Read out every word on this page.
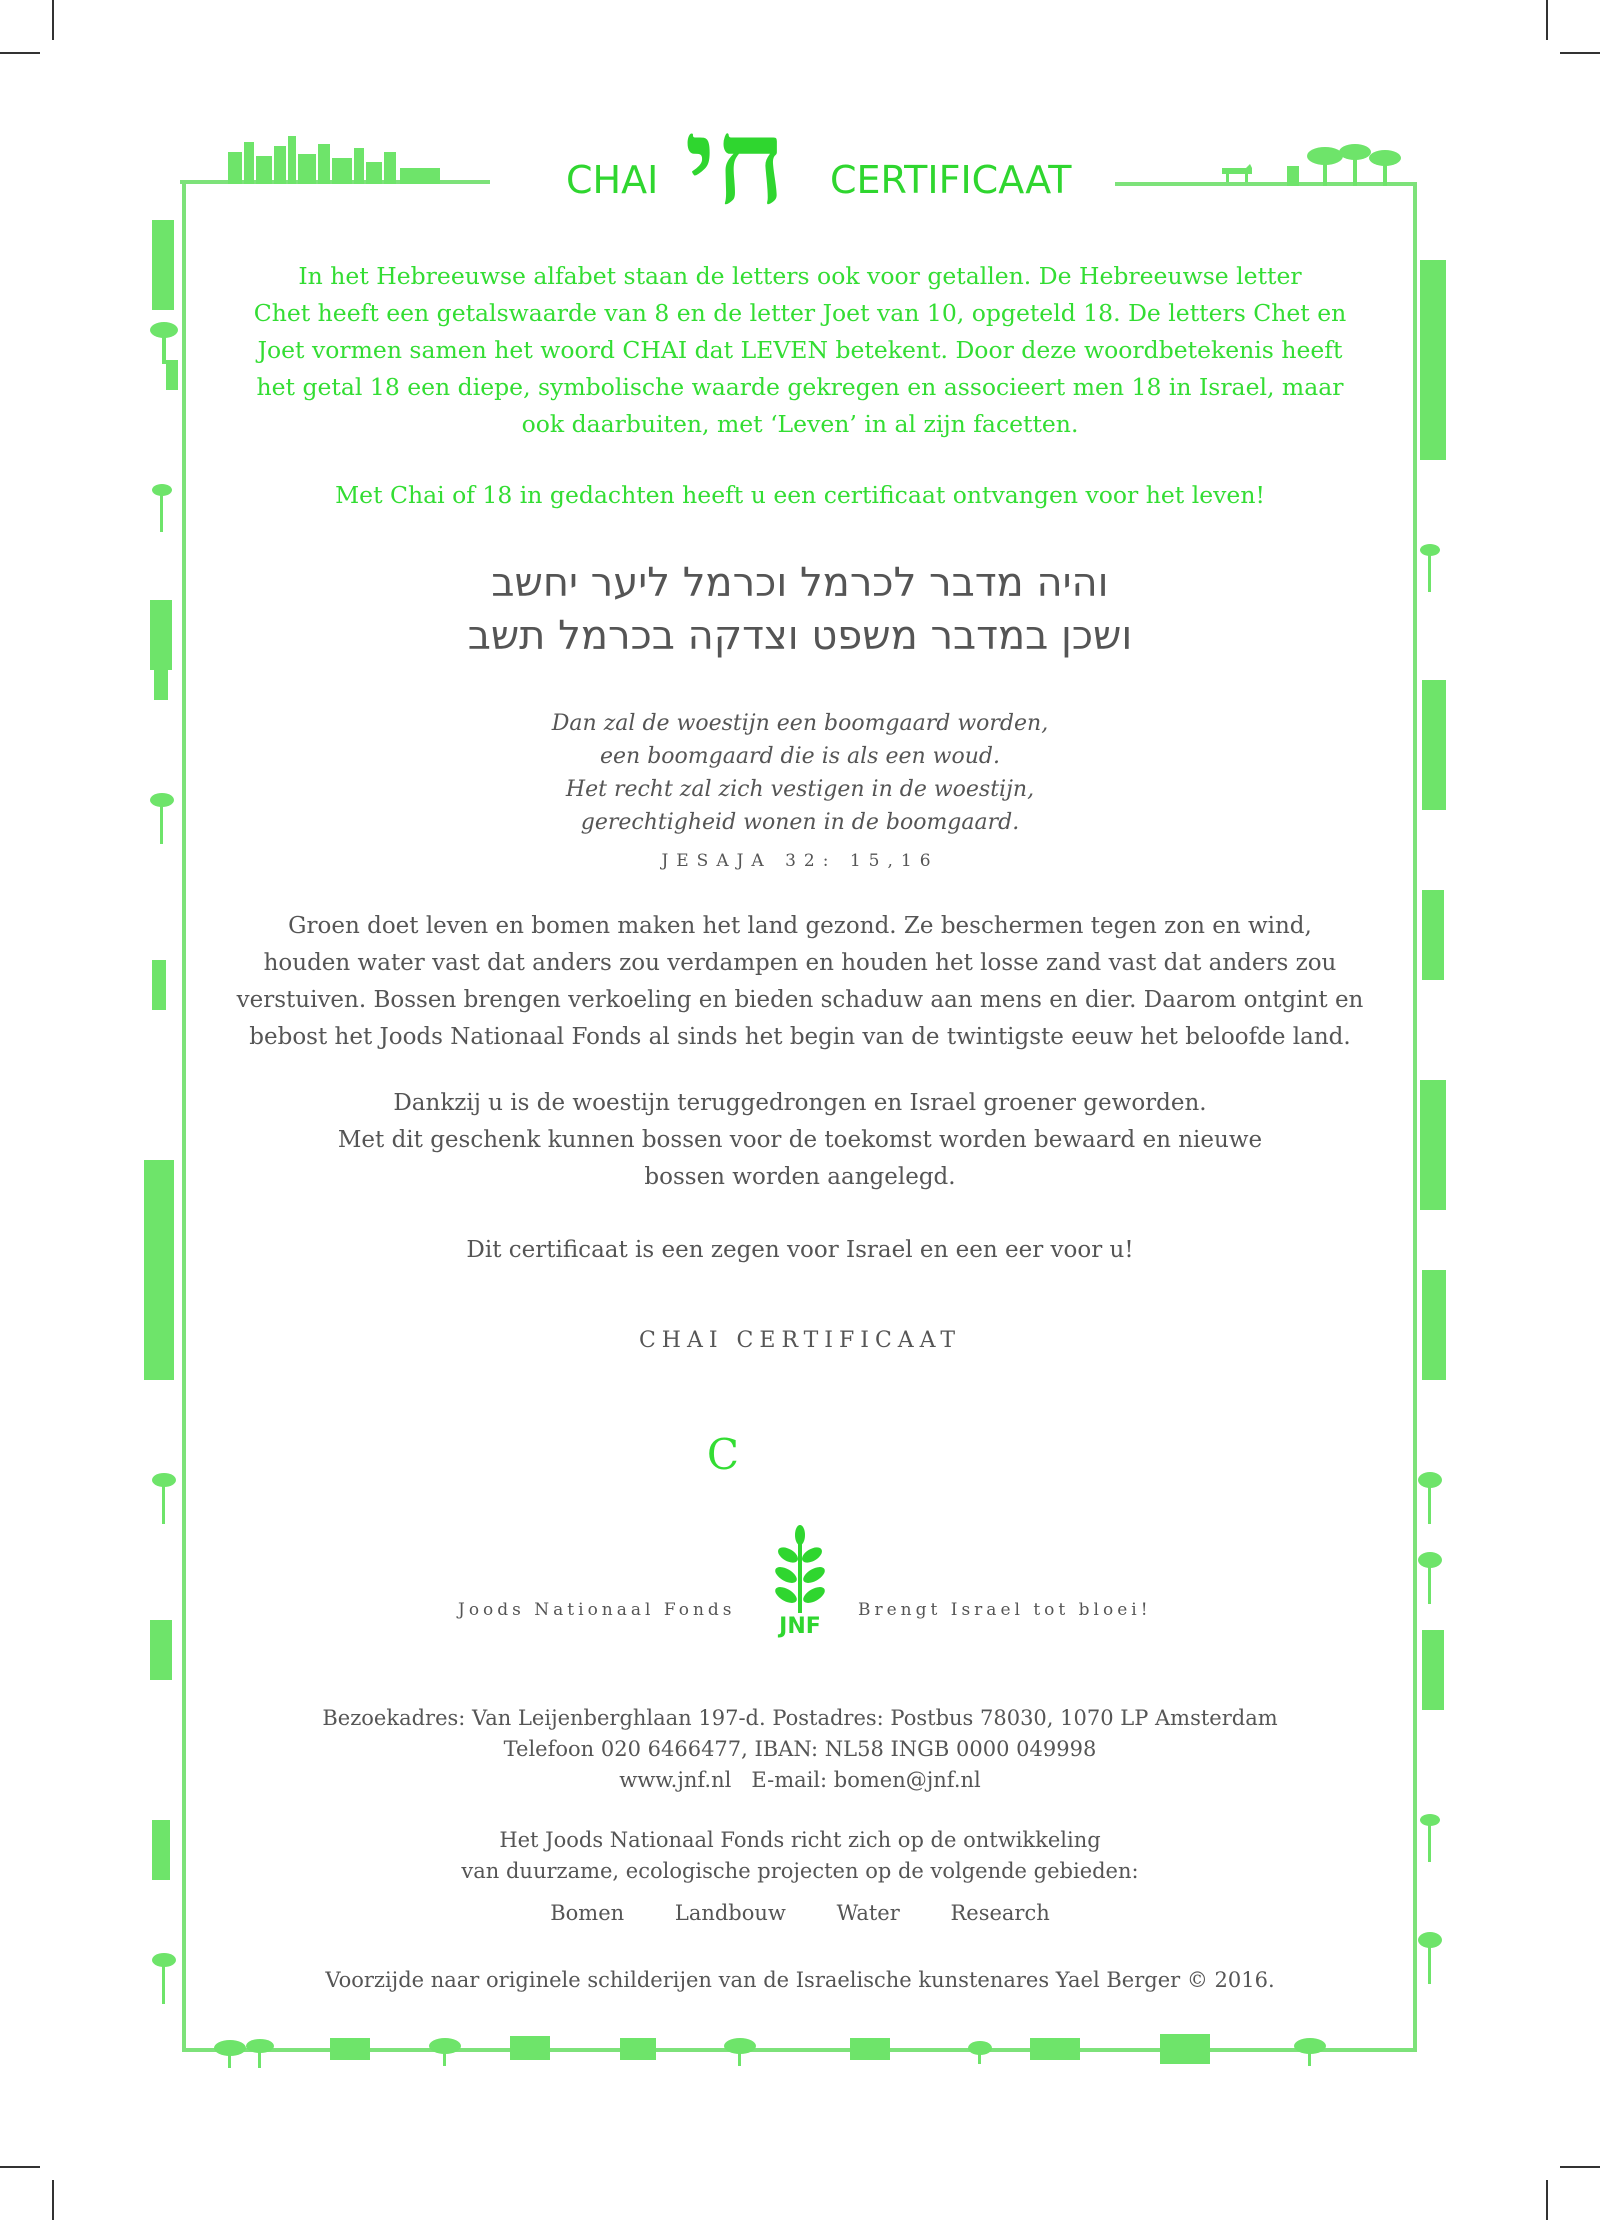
CHAI חי	CERTIFICAAT

In het Hebreeuwse alfabet staan de letters ook voor getallen. De Hebreeuwse letter

Chet heeft een getalswaarde van 8 en de letter Joet van 10, opgeteld 18. De letters Chet en

Joet vormen samen het woord CHAI dat LEVEN betekent. Door deze woordbetekenis heeft

het getal 18 een diepe, symbolische waarde gekregen en associeert men 18 in Israel, maar

ook daarbuiten, met ‘Leven’ in al zijn facetten.

Met Chai of 18 in gedachten heeft u een certificaat ontvangen voor het leven!
והיה מדבר לכרמל וכרמל ליער יחשב
ושכן במדבר משפט וצדקה בכרמל תשב
Dan zal de woestijn een boomgaard worden,
een boomgaard die is als een woud.
Het recht zal zich vestigen in de woestijn,
gerechtigheid wonen in de boomgaard.
JESAJA 32: 15,16
Groen doet leven en bomen maken het land gezond. Ze beschermen tegen zon en wind,
houden water vast dat anders zou verdampen en houden het losse zand vast dat anders zou
verstuiven. Bossen brengen verkoeling en bieden schaduw aan mens en dier. Daarom ontgint en
bebost het Joods Nationaal Fonds al sinds het begin van de twintigste eeuw het beloofde land.
Dankzij u is de woestijn teruggedrongen en Israel groener geworden.
Met dit geschenk kunnen bossen voor de toekomst worden bewaard en nieuwe
bossen worden aangelegd.
Dit certificaat is een zegen voor Israel en een eer voor u!
CHAI CERTIFICAAT
C
Joods Nationaal Fonds
JNF
Brengt Israel tot bloei!
Bezoekadres: Van Leijenberghlaan 197-d. Postadres: Postbus 78030, 1070 LP Amsterdam
Telefoon 020 6466477, IBAN: NL58 INGB 0000 049998
www.jnf.nl E-mail: bomen@jnf.nl
Het Joods Nationaal Fonds richt zich op de ontwikkeling
van duurzame, ecologische projecten op de volgende gebieden:
Bomen Landbouw Water Research
Voorzijde naar originele schilderijen van de Israelische kunstenares Yael Berger © 2016.
